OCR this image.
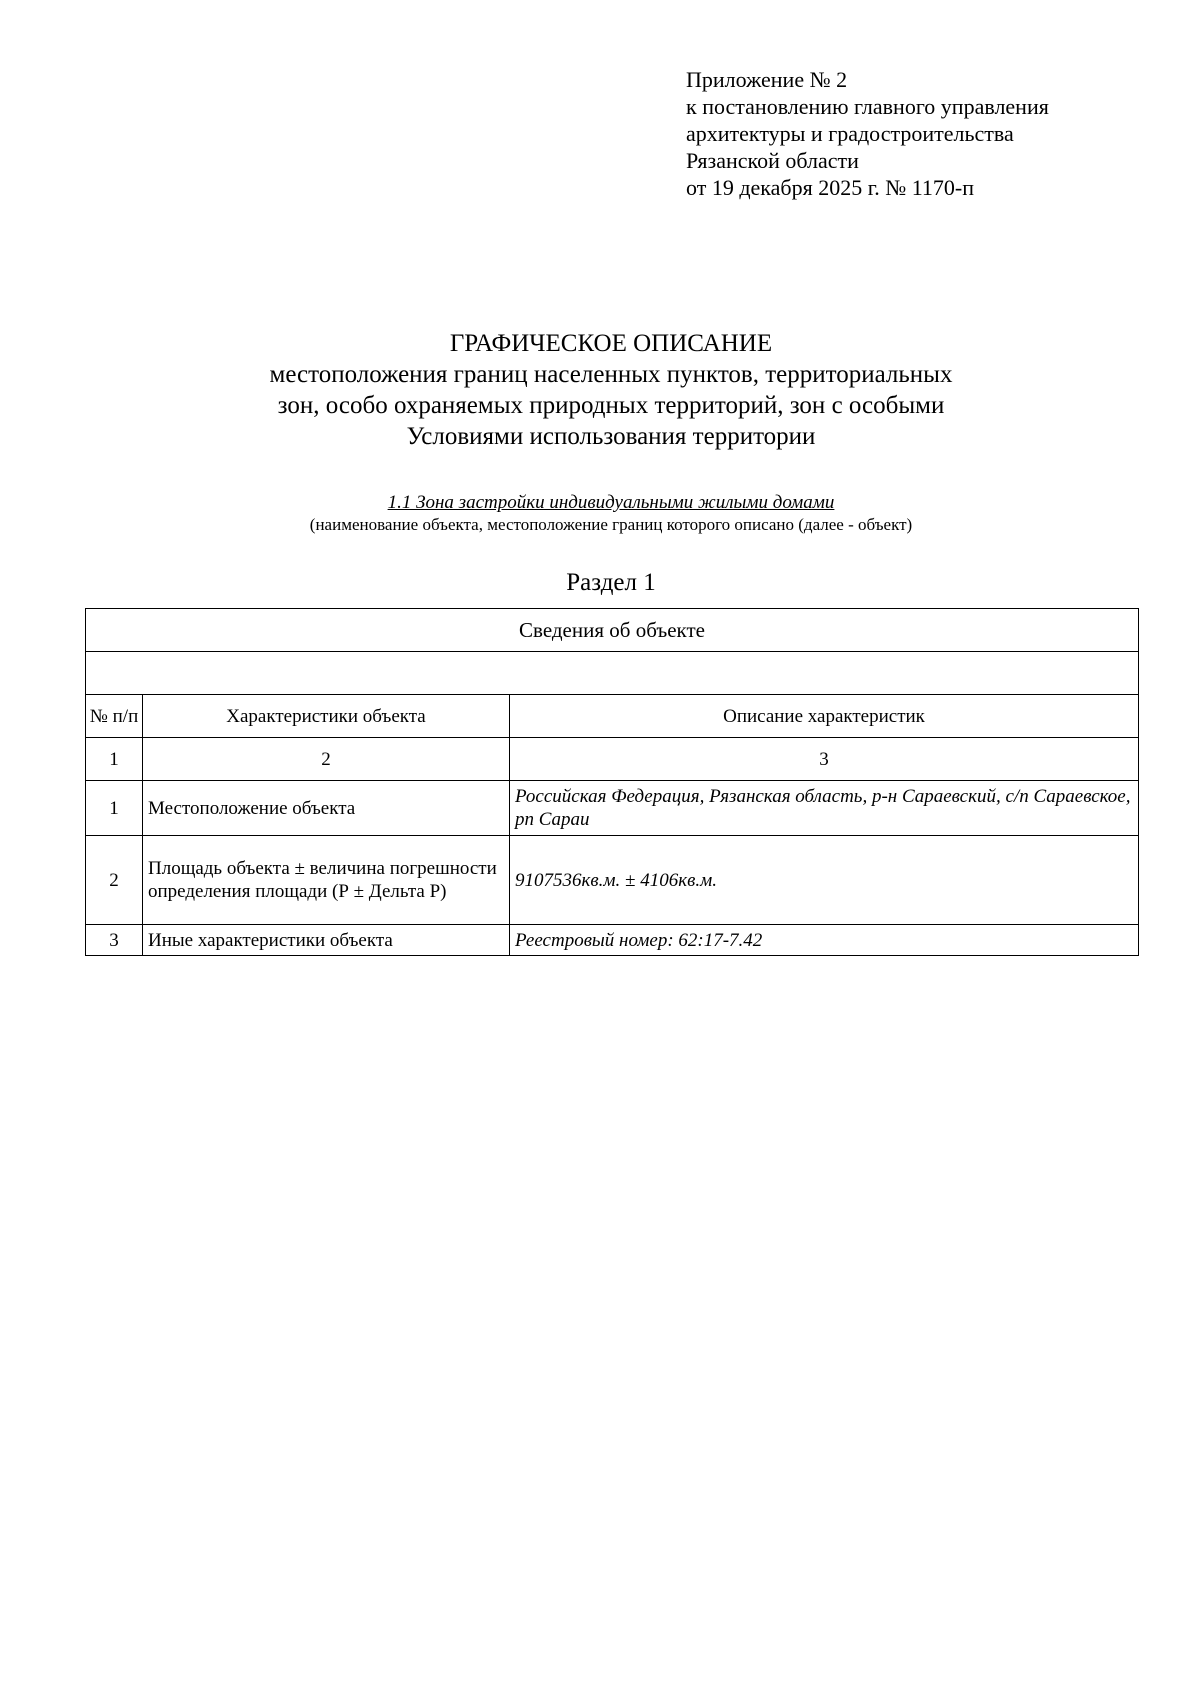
Приложение № 2
к постановлению главного управления
архитектуры и градостроительства
Рязанской области
от 19 декабря 2025 г. № 1170-п
ГРАФИЧЕСКОЕ ОПИСАНИЕ
местоположения границ населенных пунктов, территориальных
зон, особо охраняемых природных территорий, зон с особыми
Условиями использования территории
1.1 Зона застройки индивидуальными жилыми домами
(наименование объекта, местоположение границ которого описано (далее - объект)
Раздел 1
Сведения об объекте		

№ п/п	Характеристики объекта	Описание характеристик
1	2	3
1	Местоположение объекта	Российская Федерация, Рязанская область, р-н Сараевский, с/п Сараевское, рп Сараи
2	Площадь объекта ± величина погрешности определения площади (Р ± Дельта Р)	9107536кв.м. ± 4106кв.м.
3	Иные характеристики объекта	Реестровый номер: 62:17-7.42
